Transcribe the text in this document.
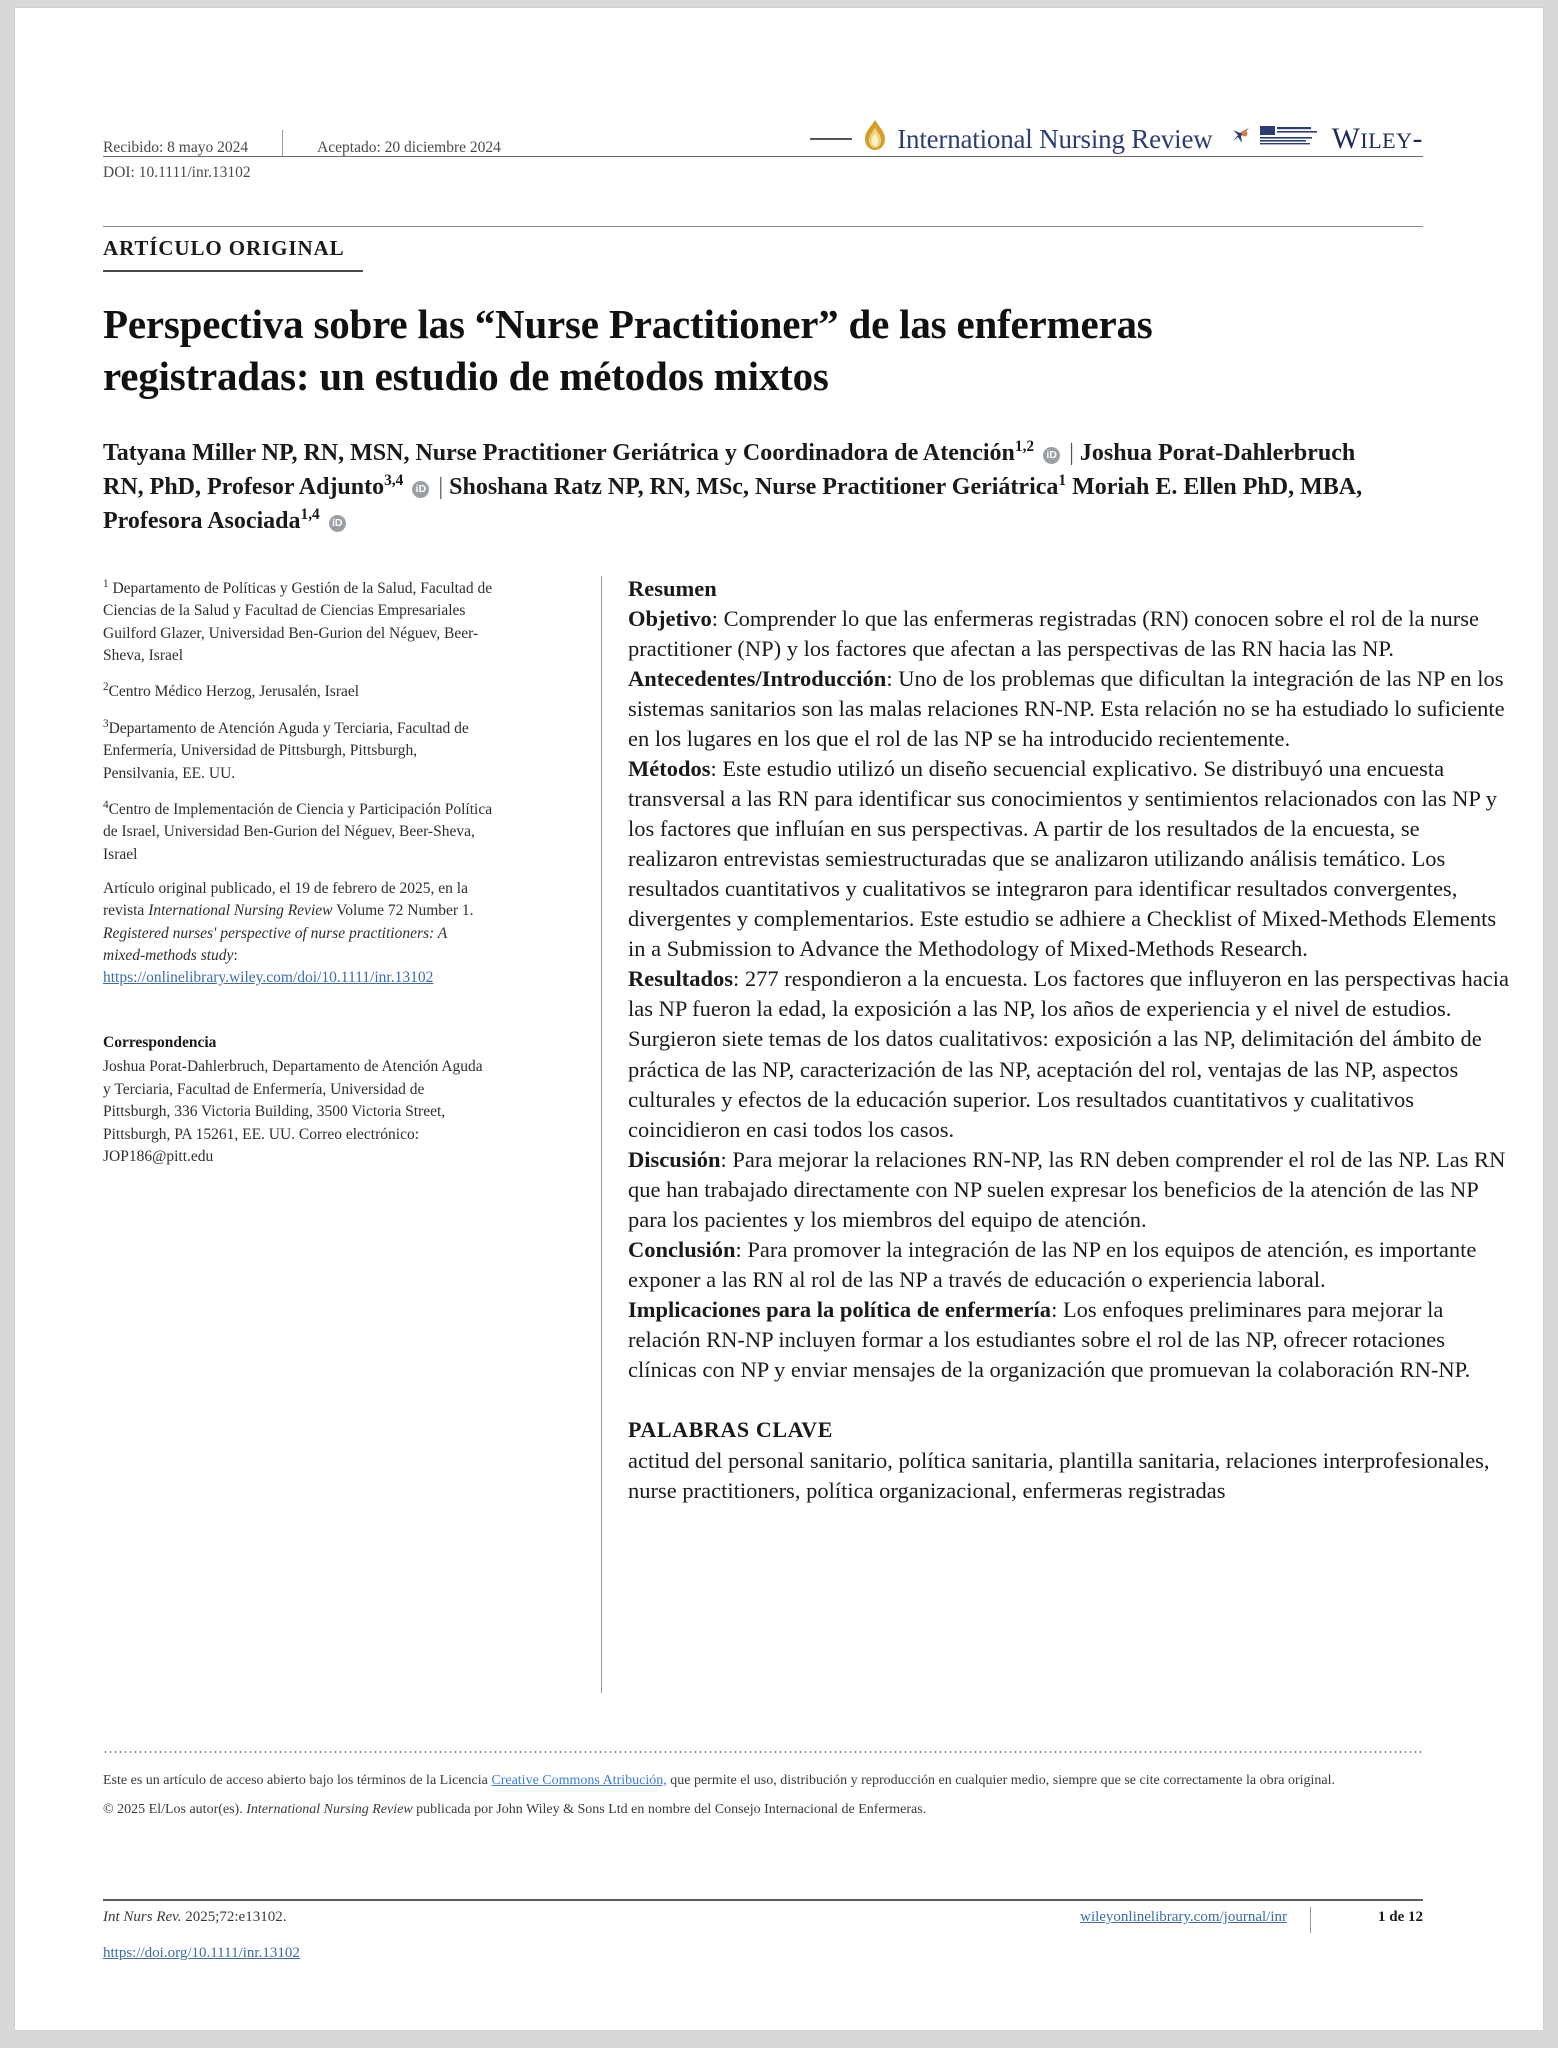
Recibido: 8 mayo 2024	Aceptado: 20 diciembre 2024	International Nursing Review	WILEY-
DOI: 10.1111/inr.13102
ARTÍCULO ORIGINAL
Perspectiva sobre las “Nurse Practitioner” de las enfermeras registradas: un estudio de métodos mixtos
Tatyana Miller NP, RN, MSN, Nurse Practitioner Geriátrica y Coordinadora de Atención$^{1,2}$ iD | Joshua Porat-Dahlerbruch RN, PhD, Profesor Adjunto$^{3,4}$ iD | Shoshana Ratz NP, RN, MSc, Nurse Practitioner Geriátrica$^1$ Moriah E. Ellen PhD, MBA, Profesora Asociada$^{1,4}$ iD

$^1$ Departamento de Políticas y Gestión de la Salud, Facultad de Ciencias de la Salud y Facultad de Ciencias Empresariales Guilford Glazer, Universidad Ben-Gurion del Néguev, Beer-Sheva, Israel

$^2$Centro Médico Herzog, Jerusalén, Israel

$^3$Departamento de Atención Aguda y Terciaria, Facultad de Enfermería, Universidad de Pittsburgh, Pittsburgh, Pensilvania, EE. UU.

$^4$Centro de Implementación de Ciencia y Participación Política de Israel, Universidad Ben-Gurion del Néguev, Beer-Sheva, Israel

Artículo original publicado, el 19 de febrero de 2025, en la revista International Nursing Review Volume 72 Number 1. Registered nurses' perspective of nurse practitioners: A mixed-methods study:
https://onlinelibrary.wiley.com/doi/10.1111/inr.13102

Correspondencia

Joshua Porat-Dahlerbruch, Departamento de Atención Aguda y Terciaria, Facultad de Enfermería, Universidad de Pittsburgh, 336 Victoria Building, 3500 Victoria Street, Pittsburgh, PA 15261, EE. UU. Correo electrónico: JOP186@pitt.edu

Resumen

Objetivo: Comprender lo que las enfermeras registradas (RN) conocen sobre el rol de la nurse practitioner (NP) y los factores que afectan a las perspectivas de las RN hacia las NP.

Antecedentes/Introducción: Uno de los problemas que dificultan la integración de las NP en los sistemas sanitarios son las malas relaciones RN-NP. Esta relación no se ha estudiado lo suficiente en los lugares en los que el rol de las NP se ha introducido recientemente.

Métodos: Este estudio utilizó un diseño secuencial explicativo. Se distribuyó una encuesta transversal a las RN para identificar sus conocimientos y sentimientos relacionados con las NP y los factores que influían en sus perspectivas. A partir de los resultados de la encuesta, se realizaron entrevistas semiestructuradas que se analizaron utilizando análisis temático. Los resultados cuantitativos y cualitativos se integraron para identificar resultados convergentes, divergentes y complementarios. Este estudio se adhiere a Checklist of Mixed-Methods Elements in a Submission to Advance the Methodology of Mixed-Methods Research.

Resultados: 277 respondieron a la encuesta. Los factores que influyeron en las perspectivas hacia las NP fueron la edad, la exposición a las NP, los años de experiencia y el nivel de estudios. Surgieron siete temas de los datos cualitativos: exposición a las NP, delimitación del ámbito de práctica de las NP, caracterización de las NP, aceptación del rol, ventajas de las NP, aspectos culturales y efectos de la educación superior. Los resultados cuantitativos y cualitativos coincidieron en casi todos los casos.

Discusión: Para mejorar la relaciones RN-NP, las RN deben comprender el rol de las NP. Las RN que han trabajado directamente con NP suelen expresar los beneficios de la atención de las NP para los pacientes y los miembros del equipo de atención.

Conclusión: Para promover la integración de las NP en los equipos de atención, es importante exponer a las RN al rol de las NP a través de educación o experiencia laboral.

Implicaciones para la política de enfermería: Los enfoques preliminares para mejorar la relación RN-NP incluyen formar a los estudiantes sobre el rol de las NP, ofrecer rotaciones clínicas con NP y enviar mensajes de la organización que promuevan la colaboración RN-NP.

PALABRAS CLAVE

actitud del personal sanitario, política sanitaria, plantilla sanitaria, relaciones interprofesionales, nurse practitioners, política organizacional, enfermeras registradas

Este es un artículo de acceso abierto bajo los términos de la Licencia Creative Commons Atribución, que permite el uso, distribución y reproducción en cualquier medio, siempre que se cite correctamente la obra original.

© 2025 El/Los autor(es). International Nursing Review publicada por John Wiley & Sons Ltd en nombre del Consejo Internacional de Enfermeras.

Int Nurs Rev. 2025;72:e13102.
https://doi.org/10.1111/inr.13102
wileyonlinelibrary.com/journal/inr	1 de 12
